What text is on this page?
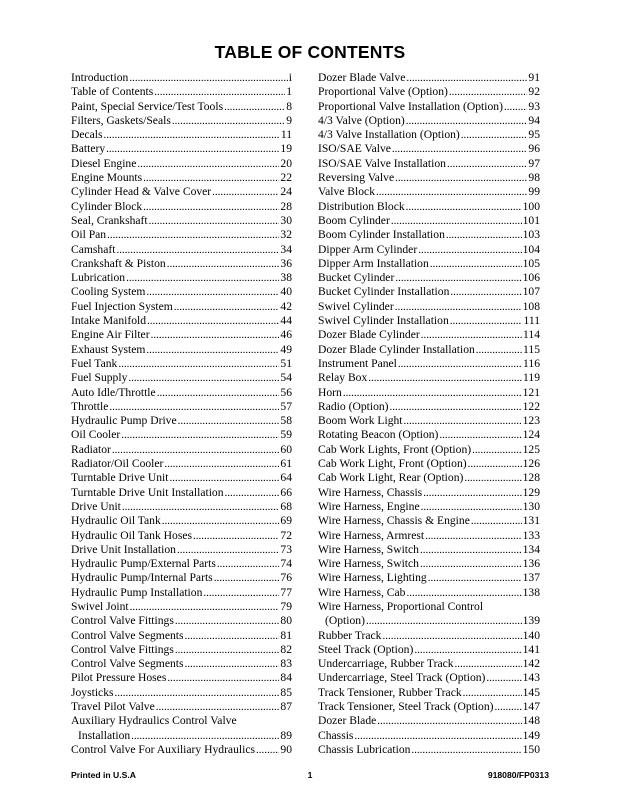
TABLE OF CONTENTS
Introduction .....	i
Table of Contents .....	1
Paint, Special Service/Test Tools .....	8
Filters, Gaskets/Seals .....	9
Decals .....	11
Battery .....	19
Diesel Engine .....	20
Engine Mounts .....	22
Cylinder Head & Valve Cover .....	24
Cylinder Block .....	28
Seal, Crankshaft .....	30
Oil Pan .....	32
Camshaft .....	34
Crankshaft & Piston .....	36
Lubrication .....	38
Cooling System .....	40
Fuel Injection System .....	42
Intake Manifold .....	44
Engine Air Filter .....	46
Exhaust System .....	49
Fuel Tank .....	51
Fuel Supply .....	54
Auto Idle/Throttle .....	56
Throttle .....	57
Hydraulic Pump Drive .....	58
Oil Cooler .....	59
Radiator .....	60
Radiator/Oil Cooler .....	61
Turntable Drive Unit .....	64
Turntable Drive Unit Installation .....	66
Drive Unit .....	68
Hydraulic Oil Tank .....	69
Hydraulic Oil Tank Hoses .....	72
Drive Unit Installation .....	73
Hydraulic Pump/External Parts .....	74
Hydraulic Pump/Internal Parts .....	76
Hydraulic Pump Installation .....	77
Swivel Joint .....	79
Control Valve Fittings .....	80
Control Valve Segments .....	81
Control Valve Fittings .....	82
Control Valve Segments .....	83
Pilot Pressure Hoses .....	84
Joysticks .....	85
Travel Pilot Valve .....	87
Auxiliary Hydraulics Control Valve
Installation .....	89
Control Valve For Auxiliary Hydraulics ..... 90
Dozer Blade Valve .....	91
Proportional Valve (Option) .....	92
Proportional Valve Installation (Option) ..... 93
4/3 Valve (Option) .....	94
4/3 Valve Installation (Option) .....	95
ISO/SAE Valve .....	96
ISO/SAE Valve Installation .....	97
Reversing Valve .....	98
Valve Block .....	99
Distribution Block .....	100
Boom Cylinder .....	101
Boom Cylinder Installation .....	103
Dipper Arm Cylinder .....	104
Dipper Arm Installation .....	105
Bucket Cylinder .....	106
Bucket Cylinder Installation .....	107
Swivel Cylinder .....	108
Swivel Cylinder Installation .....	111
Dozer Blade Cylinder .....	114
Dozer Blade Cylinder Installation .....	115
Instrument Panel .....	116
Relay Box .....	119
Horn .....	121
Radio (Option) .....	122
Boom Work Light .....	123
Rotating Beacon (Option) .....	124
Cab Work Lights, Front (Option) .....	125
Cab Work Light, Front (Option) .....	126
Cab Work Light, Rear (Option) .....	128
Wire Harness, Chassis .....	129
Wire Harness, Engine .....	130
Wire Harness, Chassis & Engine .....	131
Wire Harness, Armrest .....	133
Wire Harness, Switch .....	134
Wire Harness, Switch .....	136
Wire Harness, Lighting .....	137
Wire Harness, Cab .....	138
Wire Harness, Proportional Control
(Option) .....	139
Rubber Track .....	140
Steel Track (Option) .....	141
Undercarriage, Rubber Track .....	142
Undercarriage, Steel Track (Option) .....	143
Track Tensioner, Rubber Track .....	145
Track Tensioner, Steel Track (Option) .....	147
Dozer Blade .....	148
Chassis .....	149
Chassis Lubrication .....	150
Printed in U.S.A	1	918080/FP0313
